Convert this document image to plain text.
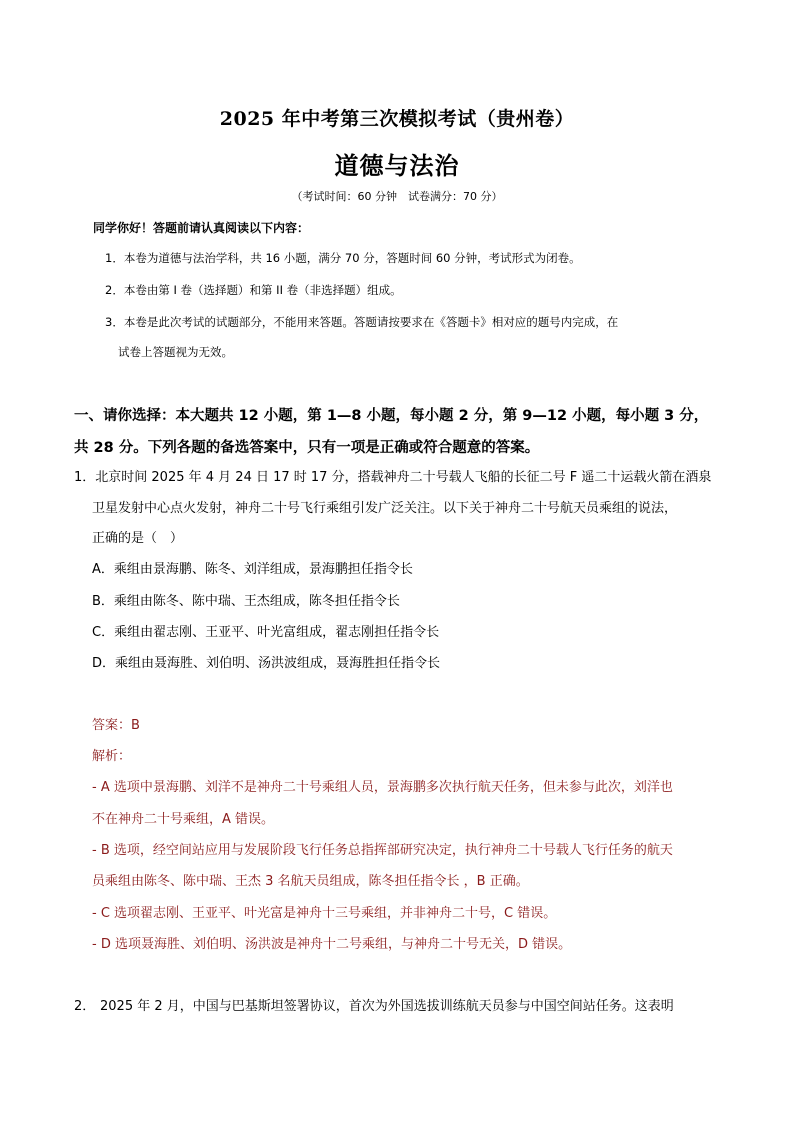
2025 年中考第三次模拟考试（贵州卷）
道德与法治
（考试时间：60 分钟　试卷满分：70 分）
同学你好！答题前请认真阅读以下内容：
1．本卷为道德与法治学科，共 16 小题，满分 70 分，答题时间 60 分钟，考试形式为闭卷。
2．本卷由第 I 卷（选择题）和第 II 卷（非选择题）组成。
3．本卷是此次考试的试题部分，不能用来答题。答题请按要求在《答题卡》相对应的题号内完成，在
试卷上答题视为无效。
一、请你选择：本大题共 12 小题，第 1—8 小题，每小题 2 分，第 9—12 小题，每小题 3 分，
共 28 分。下列各题的备选答案中，只有一项是正确或符合题意的答案。
1．北京时间 2025 年 4 月 24 日 17 时 17 分，搭载神舟二十号载人飞船的长征二号 F 遥二十运载火箭在酒泉
卫星发射中心点火发射，神舟二十号飞行乘组引发广泛关注。以下关于神舟二十号航天员乘组的说法，
正确的是（　）
A．乘组由景海鹏、陈冬、刘洋组成，景海鹏担任指令长
B．乘组由陈冬、陈中瑞、王杰组成，陈冬担任指令长
C．乘组由翟志刚、王亚平、叶光富组成，翟志刚担任指令长
D．乘组由聂海胜、刘伯明、汤洪波组成，聂海胜担任指令长
答案：B
解析：
- A 选项中景海鹏、刘洋不是神舟二十号乘组人员，景海鹏多次执行航天任务，但未参与此次，刘洋也
不在神舟二十号乘组，A 错误。
- B 选项，经空间站应用与发展阶段飞行任务总指挥部研究决定，执行神舟二十号载人飞行任务的航天
员乘组由陈冬、陈中瑞、王杰 3 名航天员组成，陈冬担任指令长 ，B 正确。
- C 选项翟志刚、王亚平、叶光富是神舟十三号乘组，并非神舟二十号，C 错误。
- D 选项聂海胜、刘伯明、汤洪波是神舟十二号乘组，与神舟二十号无关，D 错误。
2． 2025 年 2 月，中国与巴基斯坦签署协议，首次为外国选拔训练航天员参与中国空间站任务。这表明
